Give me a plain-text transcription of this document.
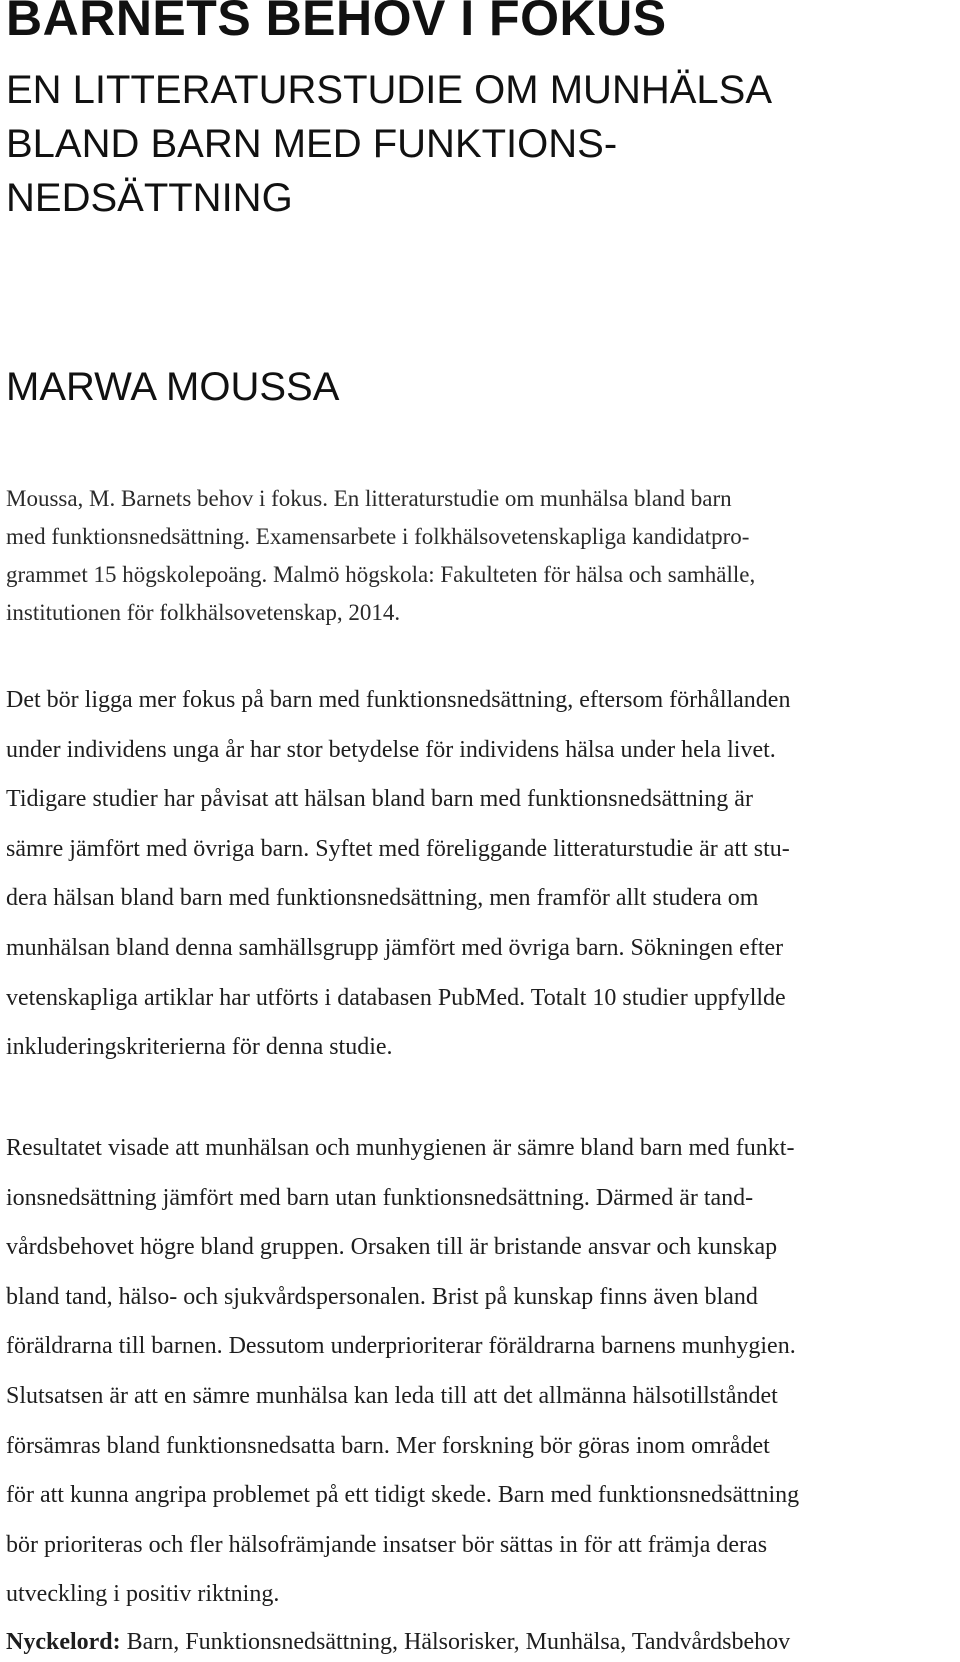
BARNETS BEHOV I FOKUS
EN LITTERATURSTUDIE OM MUNHÄLSA
BLAND BARN MED FUNKTIONS-
NEDSÄTTNING
MARWA MOUSSA
Moussa, M. Barnets behov i fokus. En litteraturstudie om munhälsa bland barn
med funktionsnedsättning. Examensarbete i folkhälsovetenskapliga kandidatpro-
grammet 15 högskolepoäng. Malmö högskola: Fakulteten för hälsa och samhälle,
institutionen för folkhälsovetenskap, 2014.
Det bör ligga mer fokus på barn med funktionsnedsättning, eftersom förhållanden
under individens unga år har stor betydelse för individens hälsa under hela livet.
Tidigare studier har påvisat att hälsan bland barn med funktionsnedsättning är
sämre jämfört med övriga barn. Syftet med föreliggande litteraturstudie är att stu-
dera hälsan bland barn med funktionsnedsättning, men framför allt studera om
munhälsan bland denna samhällsgrupp jämfört med övriga barn. Sökningen efter
vetenskapliga artiklar har utförts i databasen PubMed. Totalt 10 studier uppfyllde
inkluderingskriterierna för denna studie.
Resultatet visade att munhälsan och munhygienen är sämre bland barn med funkt-
ionsnedsättning jämfört med barn utan funktionsnedsättning. Därmed är tand-
vårdsbehovet högre bland gruppen. Orsaken till är bristande ansvar och kunskap
bland tand, hälso- och sjukvårdspersonalen. Brist på kunskap finns även bland
föräldrarna till barnen. Dessutom underprioriterar föräldrarna barnens munhygien.
Slutsatsen är att en sämre munhälsa kan leda till att det allmänna hälsotillståndet
försämras bland funktionsnedsatta barn. Mer forskning bör göras inom området
för att kunna angripa problemet på ett tidigt skede. Barn med funktionsnedsättning
bör prioriteras och fler hälsofrämjande insatser bör sättas in för att främja deras
utveckling i positiv riktning.
Nyckelord: Barn, Funktionsnedsättning, Hälsorisker, Munhälsa, Tandvårdsbehov
